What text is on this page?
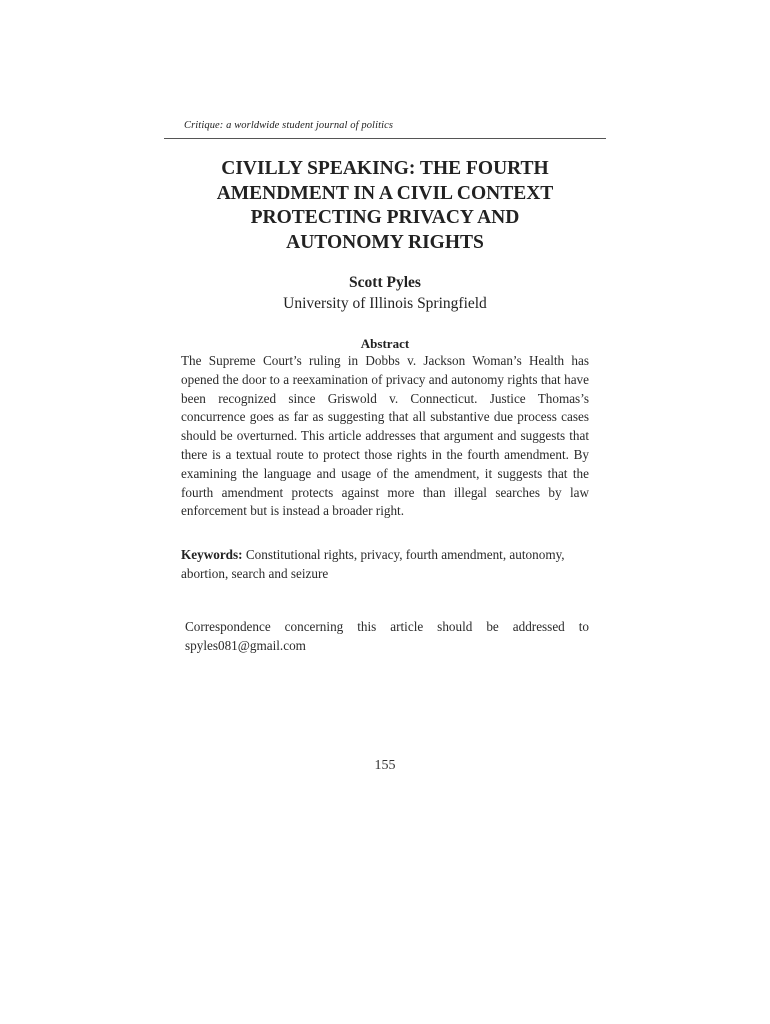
Critique: a worldwide student journal of politics
CIVILLY SPEAKING: THE FOURTH
AMENDMENT IN A CIVIL CONTEXT
PROTECTING PRIVACY AND
AUTONOMY RIGHTS
Scott Pyles
University of Illinois Springfield
Abstract
The Supreme Court’s ruling in Dobbs v. Jackson Woman’s Health has opened the door to a reexamination of privacy and autonomy rights that have been recognized since Griswold v. Connecticut. Justice Thomas’s concurrence goes as far as suggesting that all substantive due process cases should be overturned. This article addresses that argument and suggests that there is a textual route to protect those rights in the fourth amendment. By examining the language and usage of the amendment, it suggests that the fourth amendment protects against more than illegal searches by law enforcement but is instead a broader right.
Keywords: Constitutional rights, privacy, fourth amendment, autonomy, abortion, search and seizure
Correspondence concerning this article should be addressed to spyles081@gmail.com
155
